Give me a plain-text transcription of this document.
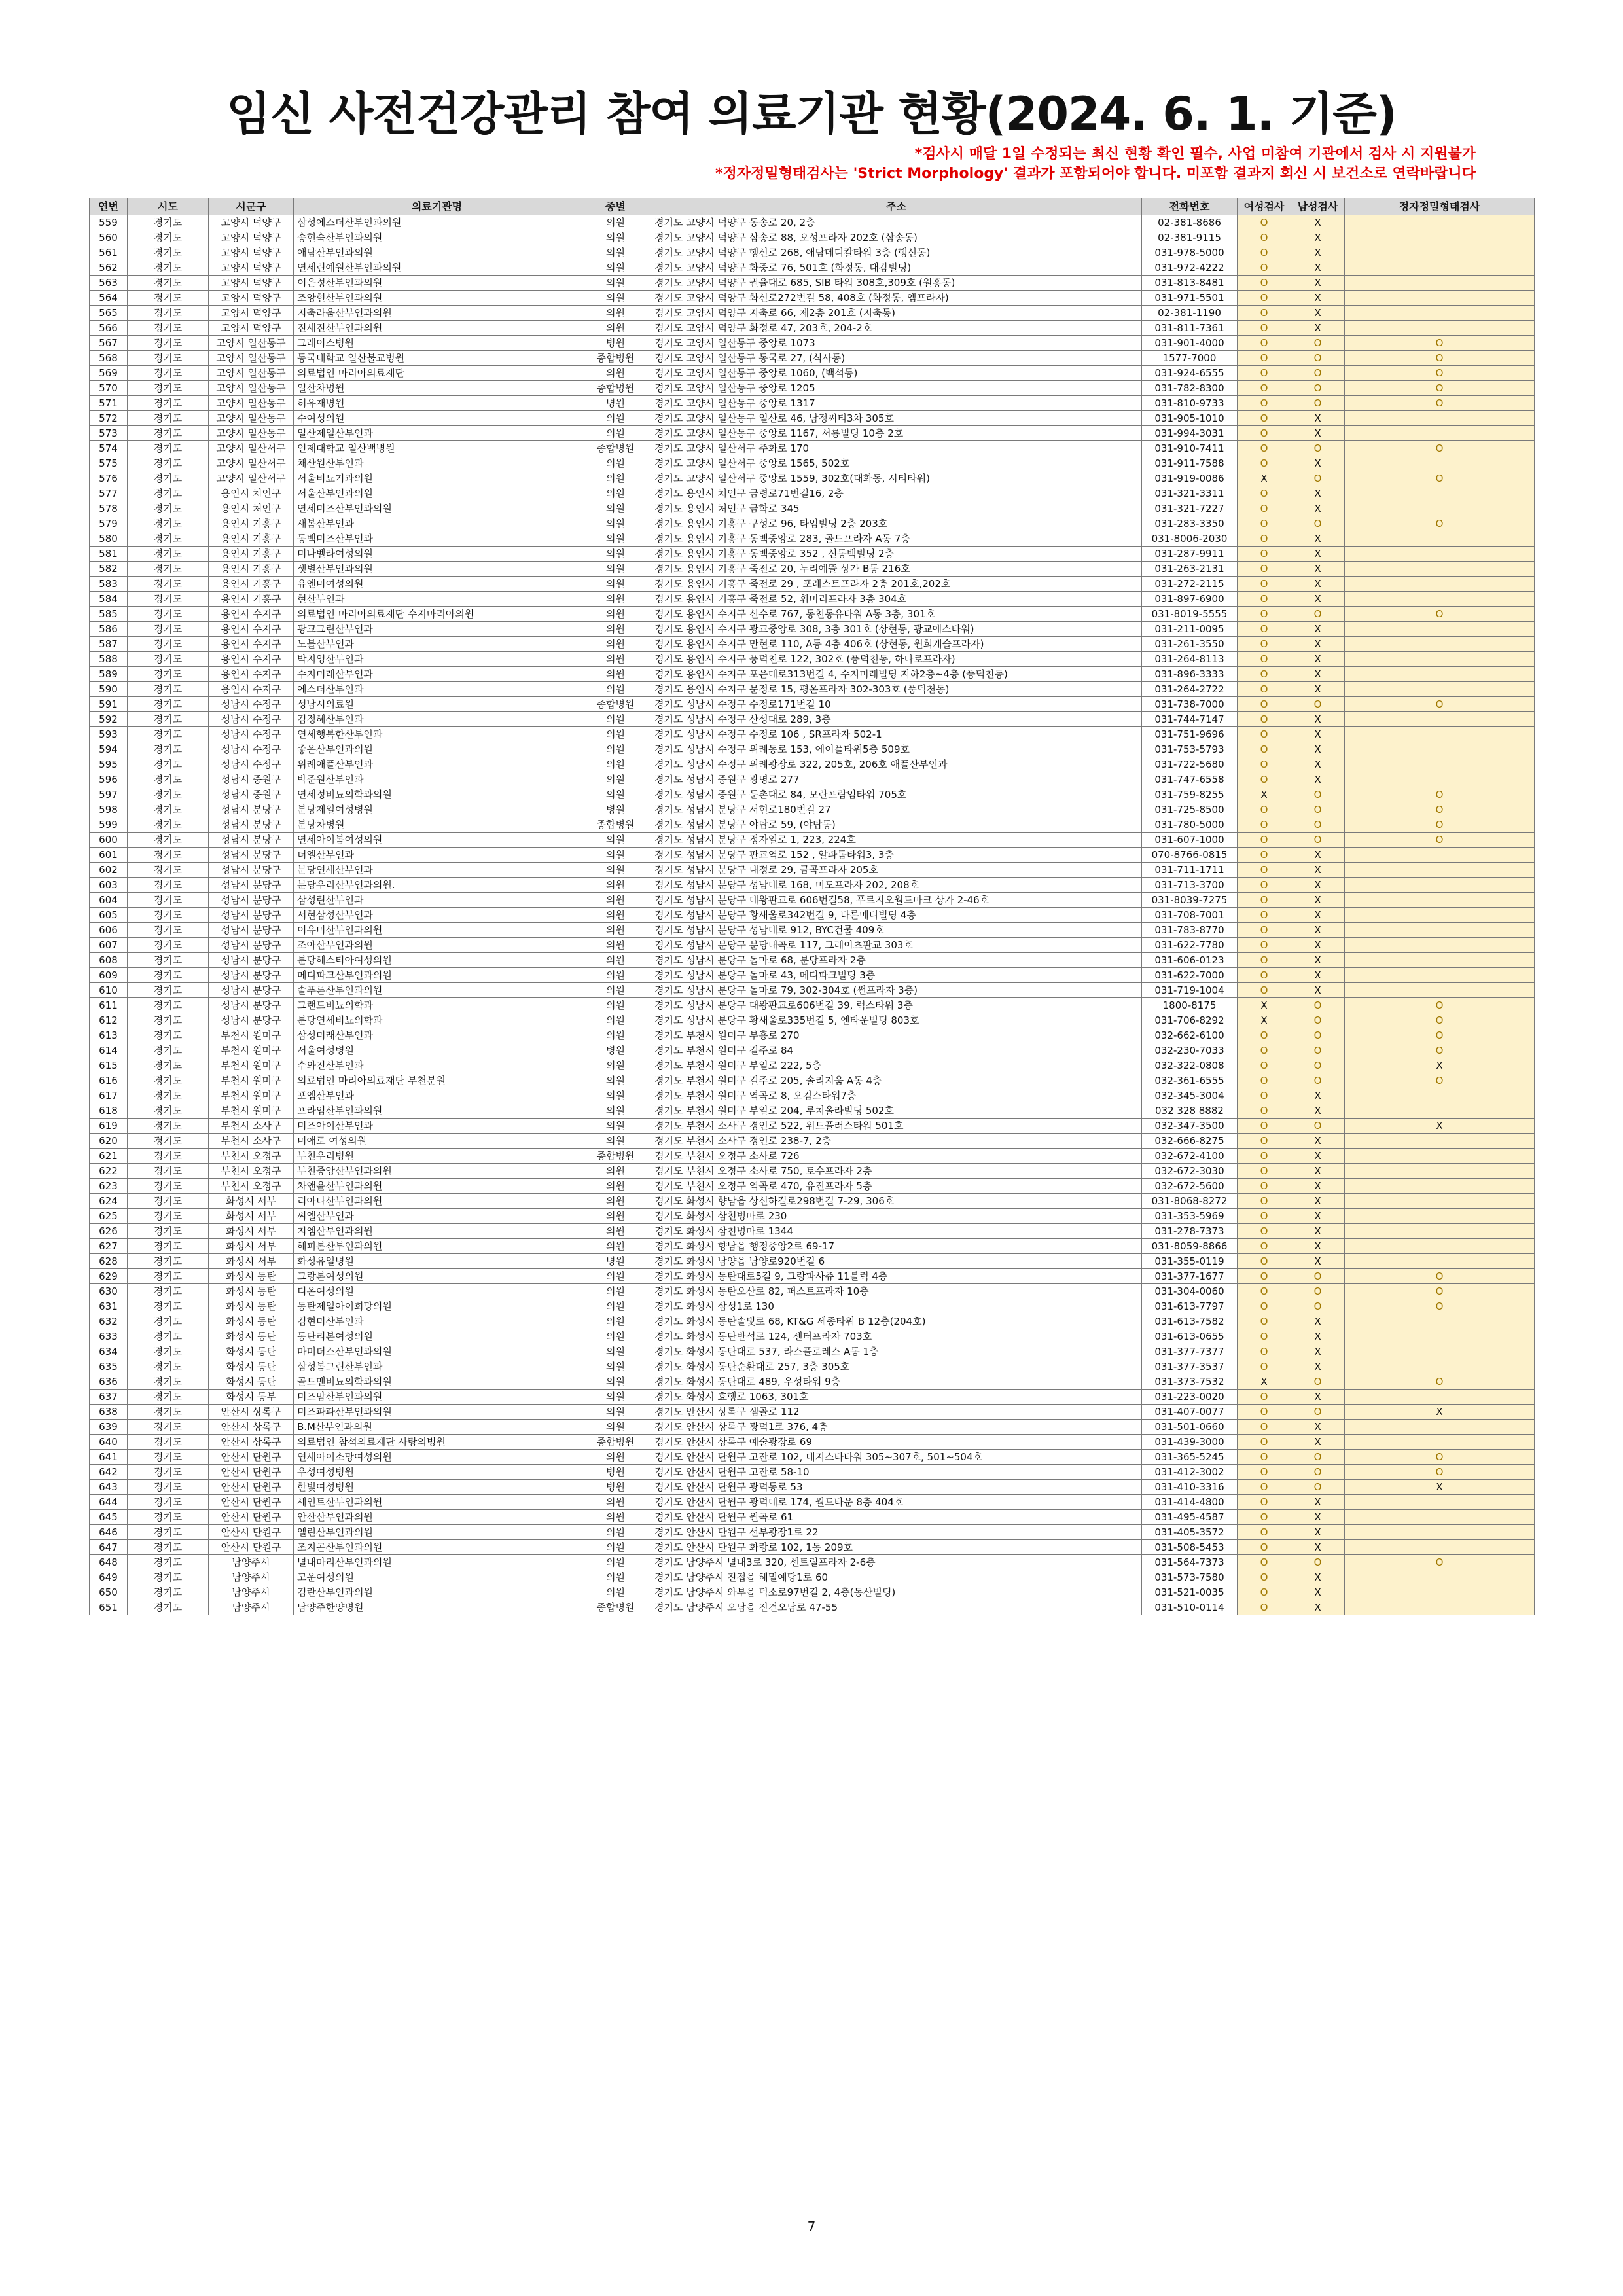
임신 사전건강관리 참여 의료기관 현황(2024. 6. 1. 기준)

*검사시 매달 1일 수정되는 최신 현황 확인 필수, 사업 미참여 기관에서 검사 시 지원불가

*정자정밀형태검사는 'Strict Morphology' 결과가 포함되어야 합니다. 미포함 결과지 회신 시 보건소로 연락바랍니다

연번	시도	시군구	의료기관명	종별	주소	전화번호	여성검사	남성검사	정자정밀형태검사
559	경기도	고양시 덕양구	삼성에스더산부인과의원	의원	경기도 고양시 덕양구 동송로 20, 2층	02-381-8686	O	X	
560	경기도	고양시 덕양구	송현숙산부인과의원	의원	경기도 고양시 덕양구 삼송로 88, 오성프라자 202호 (삼송동)	02-381-9115	O	X	
561	경기도	고양시 덕양구	애담산부인과의원	의원	경기도 고양시 덕양구 행신로 268, 애담메디칼타워 3층 (행신동)	031-978-5000	O	X	
562	경기도	고양시 덕양구	연세린예원산부인과의원	의원	경기도 고양시 덕양구 화중로 76, 501호 (화정동, 대감빌딩)	031-972-4222	O	X	
563	경기도	고양시 덕양구	이은정산부인과의원	의원	경기도 고양시 덕양구 권율대로 685, SIB 타워 308호,309호 (원흥동)	031-813-8481	O	X	
564	경기도	고양시 덕양구	조양현산부인과의원	의원	경기도 고양시 덕양구 화신로272번길 58, 408호 (화정동, 엠프라자)	031-971-5501	O	X	
565	경기도	고양시 덕양구	지축라움산부인과의원	의원	경기도 고양시 덕양구 지축로 66, 제2층 201호 (지축동)	02-381-1190	O	X	
566	경기도	고양시 덕양구	진세진산부인과의원	의원	경기도 고양시 덕양구 화정로 47, 203호, 204-2호	031-811-7361	O	X	
567	경기도	고양시 일산동구	그레이스병원	병원	경기도 고양시 일산동구 중앙로 1073	031-901-4000	O	O	O
568	경기도	고양시 일산동구	동국대학교 일산불교병원	종합병원	경기도 고양시 일산동구 동국로 27, (식사동)	1577-7000	O	O	O
569	경기도	고양시 일산동구	의료법인 마리아의료재단	의원	경기도 고양시 일산동구 중앙로 1060, (백석동)	031-924-6555	O	O	O
570	경기도	고양시 일산동구	일산차병원	종합병원	경기도 고양시 일산동구 중앙로 1205	031-782-8300	O	O	O
571	경기도	고양시 일산동구	허유재병원	병원	경기도 고양시 일산동구 중앙로 1317	031-810-9733	O	O	O
572	경기도	고양시 일산동구	수여성의원	의원	경기도 고양시 일산동구 일산로 46, 남정씨티3차 305호	031-905-1010	O	X	
573	경기도	고양시 일산동구	일산제일산부인과	의원	경기도 고양시 일산동구 중앙로 1167, 서룡빌딩 10층 2호	031-994-3031	O	X	
574	경기도	고양시 일산서구	인제대학교 일산백병원	종합병원	경기도 고양시 일산서구 주화로 170	031-910-7411	O	O	O
575	경기도	고양시 일산서구	채산원산부인과	의원	경기도 고양시 일산서구 중앙로 1565, 502호	031-911-7588	O	X	
576	경기도	고양시 일산서구	서울비뇨기과의원	의원	경기도 고양시 일산서구 중앙로 1559, 302호(대화동, 시티타워)	031-919-0086	X	O	O
577	경기도	용인시 처인구	서울산부인과의원	의원	경기도 용인시 처인구 금령로71번길16, 2층	031-321-3311	O	X	
578	경기도	용인시 처인구	연세미즈산부인과의원	의원	경기도 용인시 처인구 금학로 345	031-321-7227	O	X	
579	경기도	용인시 기흥구	새봄산부인과	의원	경기도 용인시 기흥구 구성로 96, 타임빌딩 2층 203호	031-283-3350	O	O	O
580	경기도	용인시 기흥구	동백미즈산부인과	의원	경기도 용인시 기흥구 동백중앙로 283, 골드프라자 A동 7층	031-8006-2030	O	X	
581	경기도	용인시 기흥구	미나벨라여성의원	의원	경기도 용인시 기흥구 동백중앙로 352 , 신동백빌딩 2층	031-287-9911	O	X	
582	경기도	용인시 기흥구	샛별산부인과의원	의원	경기도 용인시 기흥구 죽전로 20, 누리예뜰 상가 B동 216호	031-263-2131	O	X	
583	경기도	용인시 기흥구	유엔미여성의원	의원	경기도 용인시 기흥구 죽전로 29 , 포레스트프라자 2층 201호,202호	031-272-2115	O	X	
584	경기도	용인시 기흥구	현산부인과	의원	경기도 용인시 기흥구 죽전로 52, 휘미리프라자 3층 304호	031-897-6900	O	X	
585	경기도	용인시 수지구	의료법인 마리아의료재단 수지마리아의원	의원	경기도 용인시 수지구 신수로 767, 동천동유타워 A동 3층, 301호	031-8019-5555	O	O	O
586	경기도	용인시 수지구	광교그린산부인과	의원	경기도 용인시 수지구 광교중앙로 308, 3층 301호 (상현동, 광교에스타워)	031-211-0095	O	X	
587	경기도	용인시 수지구	노블산부인과	의원	경기도 용인시 수지구 만현로 110, A동 4층 406호 (상현동, 원희캐슬프라자)	031-261-3550	O	X	
588	경기도	용인시 수지구	박지영산부인과	의원	경기도 용인시 수지구 풍덕천로 122, 302호 (풍덕천동, 하나로프라자)	031-264-8113	O	X	
589	경기도	용인시 수지구	수지미래산부인과	의원	경기도 용인시 수지구 포은대로313번길 4, 수지미래빌딩 지하2층~4층 (풍덕천동)	031-896-3333	O	X	
590	경기도	용인시 수지구	에스더산부인과	의원	경기도 용인시 수지구 문정로 15, 평온프라자 302-303호 (풍덕천동)	031-264-2722	O	X	
591	경기도	성남시 수정구	성남시의료원	종합병원	경기도 성남시 수정구 수정로171번길 10	031-738-7000	O	O	O
592	경기도	성남시 수정구	김정혜산부인과	의원	경기도 성남시 수정구 산성대로 289, 3층	031-744-7147	O	X	
593	경기도	성남시 수정구	연세행복한산부인과	의원	경기도 성남시 수정구 수정로 106 , SR프라자 502-1	031-751-9696	O	X	
594	경기도	성남시 수정구	좋은산부인과의원	의원	경기도 성남시 수정구 위례동로 153, 에이플타워5층 509호	031-753-5793	O	X	
595	경기도	성남시 수정구	위례애플산부인과	의원	경기도 성남시 수정구 위례광장로 322, 205호, 206호 애플산부인과	031-722-5680	O	X	
596	경기도	성남시 중원구	박준원산부인과	의원	경기도 성남시 중원구 광명로 277	031-747-6558	O	X	
597	경기도	성남시 중원구	연세정비뇨의학과의원	의원	경기도 성남시 중원구 둔촌대로 84, 모란프람임타워 705호	031-759-8255	X	O	O
598	경기도	성남시 분당구	분당제일여성병원	병원	경기도 성남시 분당구 서현로180번길 27	031-725-8500	O	O	O
599	경기도	성남시 분당구	분당차병원	종합병원	경기도 성남시 분당구 야탑로 59, (야탑동)	031-780-5000	O	O	O
600	경기도	성남시 분당구	연세아이봄여성의원	의원	경기도 성남시 분당구 정자일로 1, 223, 224호	031-607-1000	O	O	O
601	경기도	성남시 분당구	더엘산부인과	의원	경기도 성남시 분당구 판교역로 152 , 알파돔타워3, 3층	070-8766-0815	O	X	
602	경기도	성남시 분당구	분당연세산부인과	의원	경기도 성남시 분당구 내정로 29, 금곡프라자 205호	031-711-1711	O	X	
603	경기도	성남시 분당구	분당우리산부인과의원.	의원	경기도 성남시 분당구 성남대로 168, 미도프라자 202, 208호	031-713-3700	O	X	
604	경기도	성남시 분당구	삼성린산부인과	의원	경기도 성남시 분당구 대왕판교로 606번길58, 푸르지오월드마크 상가 2-46호	031-8039-7275	O	X	
605	경기도	성남시 분당구	서현삼성산부인과	의원	경기도 성남시 분당구 황새울로342번길 9, 다른메디빌딩 4층	031-708-7001	O	X	
606	경기도	성남시 분당구	이유미산부인과의원	의원	경기도 성남시 분당구 성남대로 912, BYC건물 409호	031-783-8770	O	X	
607	경기도	성남시 분당구	조아산부인과의원	의원	경기도 성남시 분당구 분당내곡로 117, 그레이츠판교 303호	031-622-7780	O	X	
608	경기도	성남시 분당구	분당헤스티아여성의원	의원	경기도 성남시 분당구 돌마로 68, 분당프라자 2층	031-606-0123	O	X	
609	경기도	성남시 분당구	메디파크산부인과의원	의원	경기도 성남시 분당구 돌마로 43, 메디파크빌딩 3층	031-622-7000	O	X	
610	경기도	성남시 분당구	솔푸른산부인과의원	의원	경기도 성남시 분당구 돌마로 79, 302-304호 (썬프라자 3층)	031-719-1004	O	X	
611	경기도	성남시 분당구	그랜드비뇨의학과	의원	경기도 성남시 분당구 대왕판교로606번길 39, 럭스타워 3층	1800-8175	X	O	O
612	경기도	성남시 분당구	분당연세비뇨의학과	의원	경기도 성남시 분당구 황새울로335번길 5, 엔타운빌딩 803호	031-706-8292	X	O	O
613	경기도	부천시 원미구	삼성미래산부인과	의원	경기도 부천시 원미구 부흥로 270	032-662-6100	O	O	O
614	경기도	부천시 원미구	서울여성병원	병원	경기도 부천시 원미구 길주로 84	032-230-7033	O	O	O
615	경기도	부천시 원미구	수와진산부인과	의원	경기도 부천시 원미구 부일로 222, 5층	032-322-0808	O	O	X
616	경기도	부천시 원미구	의료법인 마리아의료재단 부천분원	의원	경기도 부천시 원미구 길주로 205, 솔리지움 A동 4층	032-361-6555	O	O	O
617	경기도	부천시 원미구	포엠산부인과	의원	경기도 부천시 원미구 역곡로 8, 오킴스타워7층	032-345-3004	O	X	
618	경기도	부천시 원미구	프라임산부인과의원	의원	경기도 부천시 원미구 부일로 204, 루치올라빌딩 502호	032 328 8882	O	X	
619	경기도	부천시 소사구	미즈아이산부인과	의원	경기도 부천시 소사구 경인로 522, 위드플러스타워 501호	032-347-3500	O	O	X
620	경기도	부천시 소사구	미애로 여성의원	의원	경기도 부천시 소사구 경인로 238-7, 2층	032-666-8275	O	X	
621	경기도	부천시 오정구	부천우리병원	종합병원	경기도 부천시 오정구 소사로 726	032-672-4100	O	X	
622	경기도	부천시 오정구	부천중앙산부인과의원	의원	경기도 부천시 오정구 소사로 750, 토수프라자 2층	032-672-3030	O	X	
623	경기도	부천시 오정구	차앤윤산부인과의원	의원	경기도 부천시 오정구 역곡로 470, 유진프라자 5층	032-672-5600	O	X	
624	경기도	화성시 서부	리아나산부인과의원	의원	경기도 화성시 향남읍 상신하길로298번길 7-29, 306호	031-8068-8272	O	X	
625	경기도	화성시 서부	씨엘산부인과	의원	경기도 화성시 삼천병마로 230	031-353-5969	O	X	
626	경기도	화성시 서부	지엠산부인과의원	의원	경기도 화성시 삼천병마로 1344	031-278-7373	O	X	
627	경기도	화성시 서부	해피본산부인과의원	의원	경기도 화성시 향남읍 행정중앙2로 69-17	031-8059-8866	O	X	
628	경기도	화성시 서부	화성유일병원	병원	경기도 화성시 남양읍 남양로920번길 6	031-355-0119	O	X	
629	경기도	화성시 동탄	그랑본여성의원	의원	경기도 화성시 동탄대로5길 9, 그랑파사쥬 11블럭 4층	031-377-1677	O	O	O
630	경기도	화성시 동탄	디온여성의원	의원	경기도 화성시 동탄오산로 82, 퍼스트프라자 10층	031-304-0060	O	O	O
631	경기도	화성시 동탄	동탄제일아이희망의원	의원	경기도 화성시 삼성1로 130	031-613-7797	O	O	O
632	경기도	화성시 동탄	김현미산부인과	의원	경기도 화성시 동탄솔빛로 68, KT&G 세종타워 B 12층(204호)	031-613-7582	O	X	
633	경기도	화성시 동탄	동탄리본여성의원	의원	경기도 화성시 동탄반석로 124, 센터프라자 703호	031-613-0655	O	X	
634	경기도	화성시 동탄	마미더스산부인과의원	의원	경기도 화성시 동탄대로 537, 라스플로레스 A동 1층	031-377-7377	O	X	
635	경기도	화성시 동탄	삼성봄그린산부인과	의원	경기도 화성시 동탄순환대로 257, 3층 305호	031-377-3537	O	X	
636	경기도	화성시 동탄	골드맨비뇨의학과의원	의원	경기도 화성시 동탄대로 489, 우성타워 9층	031-373-7532	X	O	O
637	경기도	화성시 동부	미즈맘산부인과의원	의원	경기도 화성시 효행로 1063, 301호	031-223-0020	O	X	
638	경기도	안산시 상록구	미즈파파산부인과의원	의원	경기도 안산시 상록구 샘골로 112	031-407-0077	O	O	X
639	경기도	안산시 상록구	B.M산부인과의원	의원	경기도 안산시 상록구 광덕1로 376, 4층	031-501-0660	O	X	
640	경기도	안산시 상록구	의료법인 참석의료재단 사랑의병원	종합병원	경기도 안산시 상록구 예술광장로 69	031-439-3000	O	X	
641	경기도	안산시 단원구	연세아이소망여성의원	의원	경기도 안산시 단원구 고잔로 102, 대지스타타워 305~307호, 501~504호	031-365-5245	O	O	O
642	경기도	안산시 단원구	우성여성병원	병원	경기도 안산시 단원구 고잔로 58-10	031-412-3002	O	O	O
643	경기도	안산시 단원구	한빛여성병원	병원	경기도 안산시 단원구 광덕동로 53	031-410-3316	O	O	X
644	경기도	안산시 단원구	세인트산부인과의원	의원	경기도 안산시 단원구 광덕대로 174, 월드타운 8층 404호	031-414-4800	O	X	
645	경기도	안산시 단원구	안산산부인과의원	의원	경기도 안산시 단원구 원곡로 61	031-495-4587	O	X	
646	경기도	안산시 단원구	엘린산부인과의원	의원	경기도 안산시 단원구 선부광장1로 22	031-405-3572	O	X	
647	경기도	안산시 단원구	조지곤산부인과의원	의원	경기도 안산시 단원구 화랑로 102, 1동 209호	031-508-5453	O	X	
648	경기도	남양주시	별내마리산부인과의원	의원	경기도 남양주시 별내3로 320, 센트럴프라자 2-6층	031-564-7373	O	O	O
649	경기도	남양주시	고운여성의원	의원	경기도 남양주시 진접읍 해밀예당1로 60	031-573-7580	O	X	
650	경기도	남양주시	김란산부인과의원	의원	경기도 남양주시 와부읍 덕소로97번길 2, 4층(동산빌딩)	031-521-0035	O	X	
651	경기도	남양주시	남양주한양병원	종합병원	경기도 남양주시 오남읍 진건오남로 47-55	031-510-0114	O	X	
7
